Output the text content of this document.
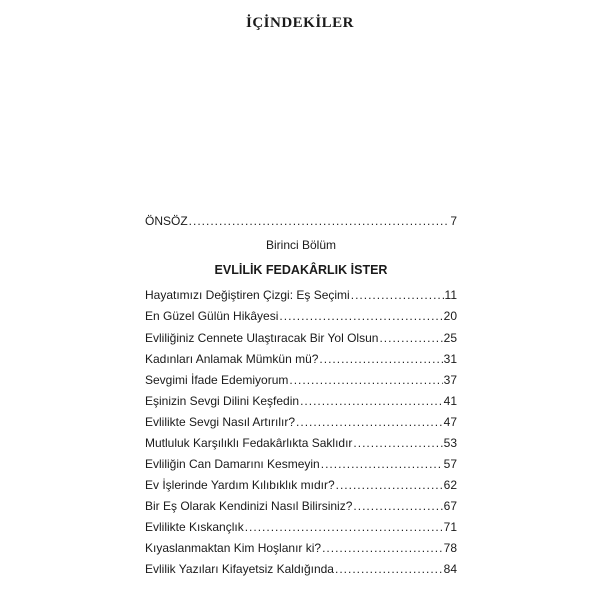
İÇİNDEKİLER
ÖNSÖZ .....	7
Birinci Bölüm
EVLİLİK FEDAKÂRLIK İSTER
Hayatımızı Değiştiren Çizgi: Eş Seçimi .....	11
En Güzel Gülün Hikâyesi .....	20
Evliliğiniz Cennete Ulaştıracak Bir Yol Olsun .....	25
Kadınları Anlamak Mümkün mü? .....	31
Sevgimi İfade Edemiyorum .....	37
Eşinizin Sevgi Dilini Keşfedin .....	41
Evlilikte Sevgi Nasıl Artırılır? .....	47
Mutluluk Karşılıklı Fedakârlıkta Saklıdır .....	53
Evliliğin Can Damarını Kesmeyin .....	57
Ev İşlerinde Yardım Kılıbıklık mıdır? .....	62
Bir Eş Olarak Kendinizi Nasıl Bilirsiniz? .....	67
Evlilikte Kıskançlık .....	71
Kıyaslanmaktan Kim Hoşlanır ki? .....	78
Evlilik Yazıları Kifayetsiz Kaldığında .....	84
